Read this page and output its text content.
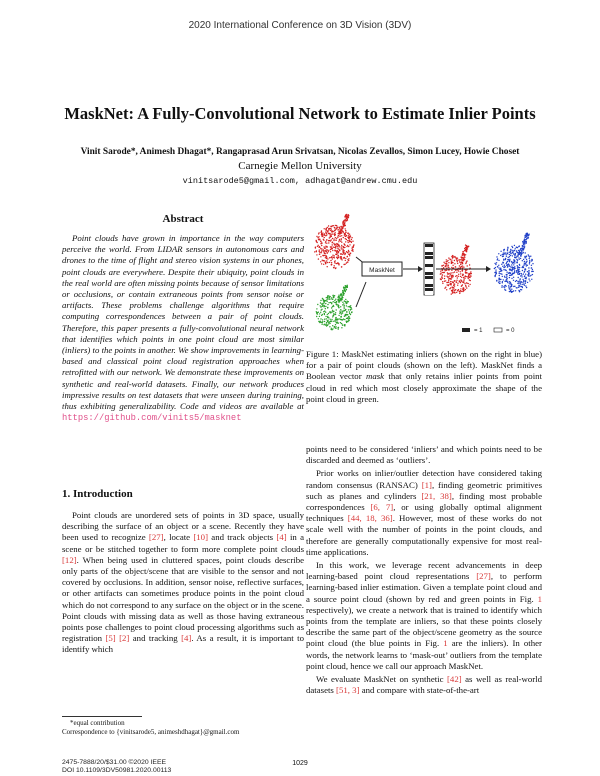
2020 International Conference on 3D Vision (3DV)
MaskNet: A Fully-Convolutional Network to Estimate Inlier Points
Vinit Sarode*, Animesh Dhagat*, Rangaprasad Arun Srivatsan, Nicolas Zevallos, Simon Lucey, Howie Choset
Carnegie Mellon University
vinitsarode5@gmail.com, adhagat@andrew.cmu.edu
Abstract
Point clouds have grown in importance in the way computers perceive the world. From LIDAR sensors in autonomous cars and drones to the time of flight and stereo vision systems in our phones, point clouds are everywhere. Despite their ubiquity, point clouds in the real world are often missing points because of sensor limitations or occlusions, or contain extraneous points from sensor noise or artifacts. These problems challenge algorithms that require computing correspondences between a pair of point clouds. Therefore, this paper presents a fully-convolutional neural network that identifies which points in one point cloud are most similar (inliers) to the points in another. We show improvements in learning-based and classical point cloud registration approaches when retrofitted with our network. We demonstrate these improvements on synthetic and real-world datasets. Finally, our network produces impressive results on test datasets that were unseen during training, thus exhibiting generalizability. Code and videos are available at https://github.com/vinits5/masknet
1. Introduction
Point clouds are unordered sets of points in 3D space, usually describing the surface of an object or a scene. Recently they have been used to recognize [27], locate [10] and track objects [4] in a scene or be stitched together to form more complete point clouds [12]. When being used in cluttered spaces, point clouds describe only parts of the object/scene that are visible to the sensor and not covered by occlusions. In addition, sensor noise, reflective surfaces, or other artifacts can sometimes produce points in the point cloud which do not correspond to any surface on the object or in the scene. Point clouds with missing data as well as those having extraneous points pose challenges to point cloud processing algorithms such as registration [5] [2] and tracking [4]. As a result, it is important to identify which
*equal contribution
Correspondence to {vinitsarode5, animeshdhagat}@gmail.com
2475-7888/20/$31.00 ©2020 IEEE
DOI 10.1109/3DV50981.2020.00113
1029
MaskNet
= 1	= 0
Figure 1: MaskNet estimating inliers (shown on the right in blue) for a pair of point clouds (shown on the left). MaskNet finds a Boolean vector mask that only retains inlier points from point cloud in red which most closely approximate the shape of the point cloud in green.

points need to be considered ‘inliers’ and which points need to be discarded and deemed as ‘outliers’.

Prior works on inlier/outlier detection have considered taking random consensus (RANSAC) [1], finding geometric primitives such as planes and cylinders [21, 38], finding most probable correspondences [6, 7], or using globally optimal alignment techniques [44, 18, 36]. However, most of these works do not scale well with the number of points in the point clouds, and therefore are generally computationally expensive for most real-time applications.

In this work, we leverage recent advancements in deep learning-based point cloud representations [27], to perform learning-based inlier estimation. Given a template point cloud and a source point cloud (shown by red and green points in Fig. 1 respectively), we create a network that is trained to identify which points from the template are inliers, so that these points closely describe the same part of the object/scene geometry as the source point cloud (the blue points in Fig. 1 are the inliers). In other words, the network learns to ‘mask-out’ outliers from the template point cloud, hence we call our approach MaskNet.

We evaluate MaskNet on synthetic [42] as well as real-world datasets [51, 3] and compare with state-of-the-art
